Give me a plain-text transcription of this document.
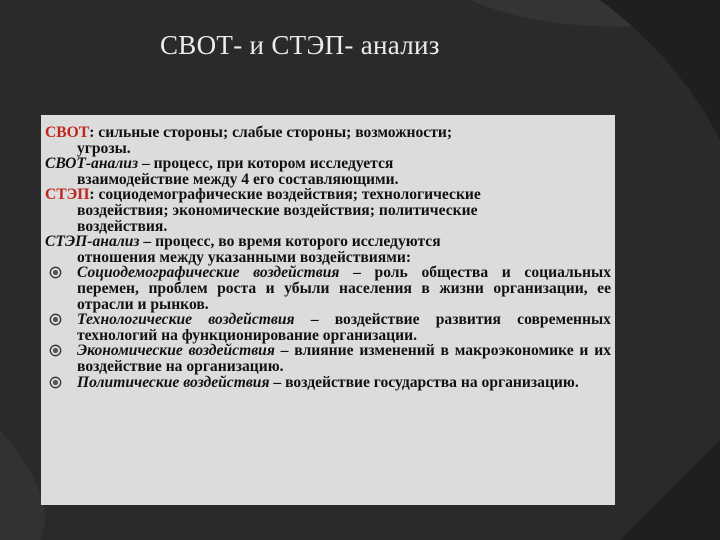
СВОТ- и СТЭП- анализ
СВОТ: сильные стороны; слабые стороны; возможности;
угрозы.
СВОТ-анализ – процесс, при котором исследуется
взаимодействие между 4 его составляющими.
СТЭП: социодемографические воздействия; технологические
воздействия; экономические воздействия; политические
воздействия.
СТЭП-анализ – процесс, во время которого исследуются
отношения между указанными воздействиями:
Социодемографические воздействия – роль общества и социальных перемен, проблем роста и убыли населения в жизни организации, ее отрасли и рынков.
Технологические воздействия – воздействие развития современных технологий на функционирование организации.
Экономические воздействия – влияние изменений в макроэкономике и их воздействие на организацию.
Политические воздействия – воздействие государства на организацию.
